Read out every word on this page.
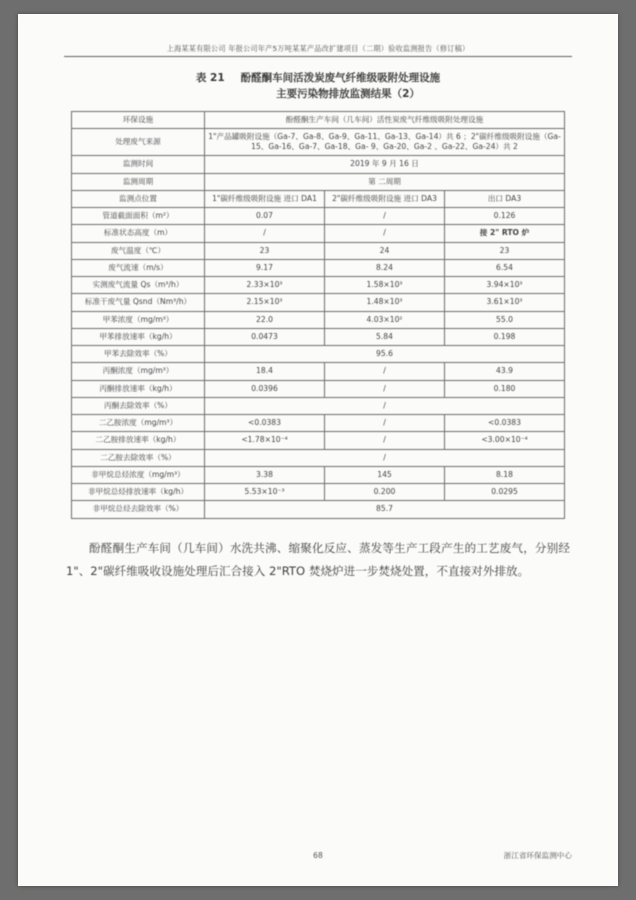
上海某某有限公司 年报公司年产5万吨某某产品改扩建项目（二期）验收监测报告（修订稿）
表 21 酚醛酮车间活泼炭废气纤维级吸附处理设施
主要污染物排放监测结果（2）
环保设施	酚醛酮生产车间（几车间）活性炭废气纤维级吸附处理设施		
处理废气来源	1"产品罐吸附设施（Ga-7、Ga-8、Ga-9、Ga-11、Ga-13、Ga-14）共 6 ；2"碳纤维级吸附设施（Ga-15、Ga-16、Ga-7、Ga-18、Ga- 9、Ga-20、Ga-2 、Ga-22、Ga-24）共 2		
监测时间	2019 年 9 月 16 日		
监测周期	第 二周期		
监测点位置	1"碳纤维级吸附设施 进口 DA1	2"碳纤维级吸附设施 进口 DA3	出口 DA3
管道截面面积（m²）	0.07	/	0.126
标准状态高度（m）	/	/	接 2" RTO 炉
废气温度（℃）	23	24	23
废气流速（m/s）	9.17	8.24	6.54
实测废气流量 Qs（m³/h）	2.33×10³	1.58×10³	3.94×10³
标准干废气量 Qsnd（Nm³/h）	2.15×10³	1.48×10³	3.61×10³
甲苯浓度（mg/m³）	22.0	4.03×10²	55.0
甲苯排放速率（kg/h）	0.0473	5.84	0.198
甲苯去除效率（%）	95.6		
丙酮浓度（mg/m³）	18.4	/	43.9
丙酮排放速率（kg/h）	0.0396	/	0.180
丙酮去除效率（%）	/		
二乙胺浓度（mg/m³）	<0.0383	/	<0.0383
二乙胺排放速率（kg/h）	<1.78×10⁻⁴	/	<3.00×10⁻⁴
二乙胺去除效率（%）	/		
非甲烷总烃浓度（mg/m³）	3.38	145	8.18
非甲烷总烃排放速率（kg/h）	5.53×10⁻³	0.200	0.0295
非甲烷总烃去除效率（%）	85.7		
酚醛酮生产车间（几车间）水洗共沸、缩聚化反应、蒸发等生产工段产生的工艺废气，分别经 1"、2"碳纤维吸收设施处理后汇合接入 2"RTO 焚烧炉进一步焚烧处置，不直接对外排放。
68	浙江省环保监测中心
